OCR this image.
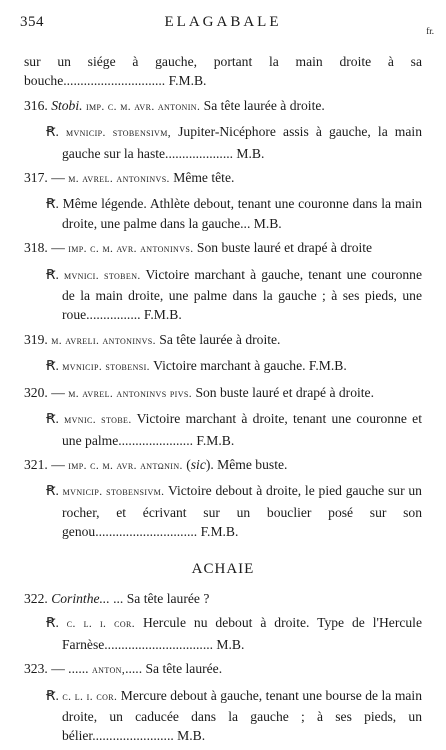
354	ELAGABALE
fr.

sur un siége à gauche, portant la main droite à sa bouche.............................. F.M.B.

316. Stobi. imp. c. m. avr. antonin. Sa tête laurée à droite.

Ꞧ. mvnicip. stobensivm, Jupiter-Nicéphore assis à gauche, la main gauche sur la haste.................... M.B.

317. — m. avrel. antoninvs. Même tête.

Ꞧ. Même légende. Athlète debout, tenant une couronne dans la main droite, une palme dans la gauche... M.B.

318. — imp. c. m. avr. antoninvs. Son buste lauré et drapé à droite

Ꞧ. mvnici. stoben. Victoire marchant à gauche, tenant une couronne de la main droite, une palme dans la gauche ; à ses pieds, une roue................ F.M.B.

319. m. avreli. antoninvs. Sa tête laurée à droite.

Ꞧ. mvnicip. stobensi. Victoire marchant à gauche. F.M.B.

320. — m. avrel. antoninvs pivs. Son buste lauré et drapé à droite.

Ꞧ. mvnic. stobe. Victoire marchant à droite, tenant une couronne et une palme...................... F.M.B.

321. — imp. c. m. avr. antωnin. (sic). Même buste.

Ꞧ. mvnicip. stobensivm. Victoire debout à droite, le pied gauche sur un rocher, et écrivant sur un bouclier posé sur son genou.............................. F.M.B.

ACHAIE

322. Corinthe... ... Sa tête laurée ?

Ꞧ. c. l. i. cor. Hercule nu debout à droite. Type de l'Hercule Farnèse................................ M.B.

323. — ...... anton,..... Sa tête laurée.

Ꞧ. c. l. i. cor. Mercure debout à gauche, tenant une bourse de la main droite, un caducée dans la gauche ; à ses pieds, un bélier........................ M.B.
